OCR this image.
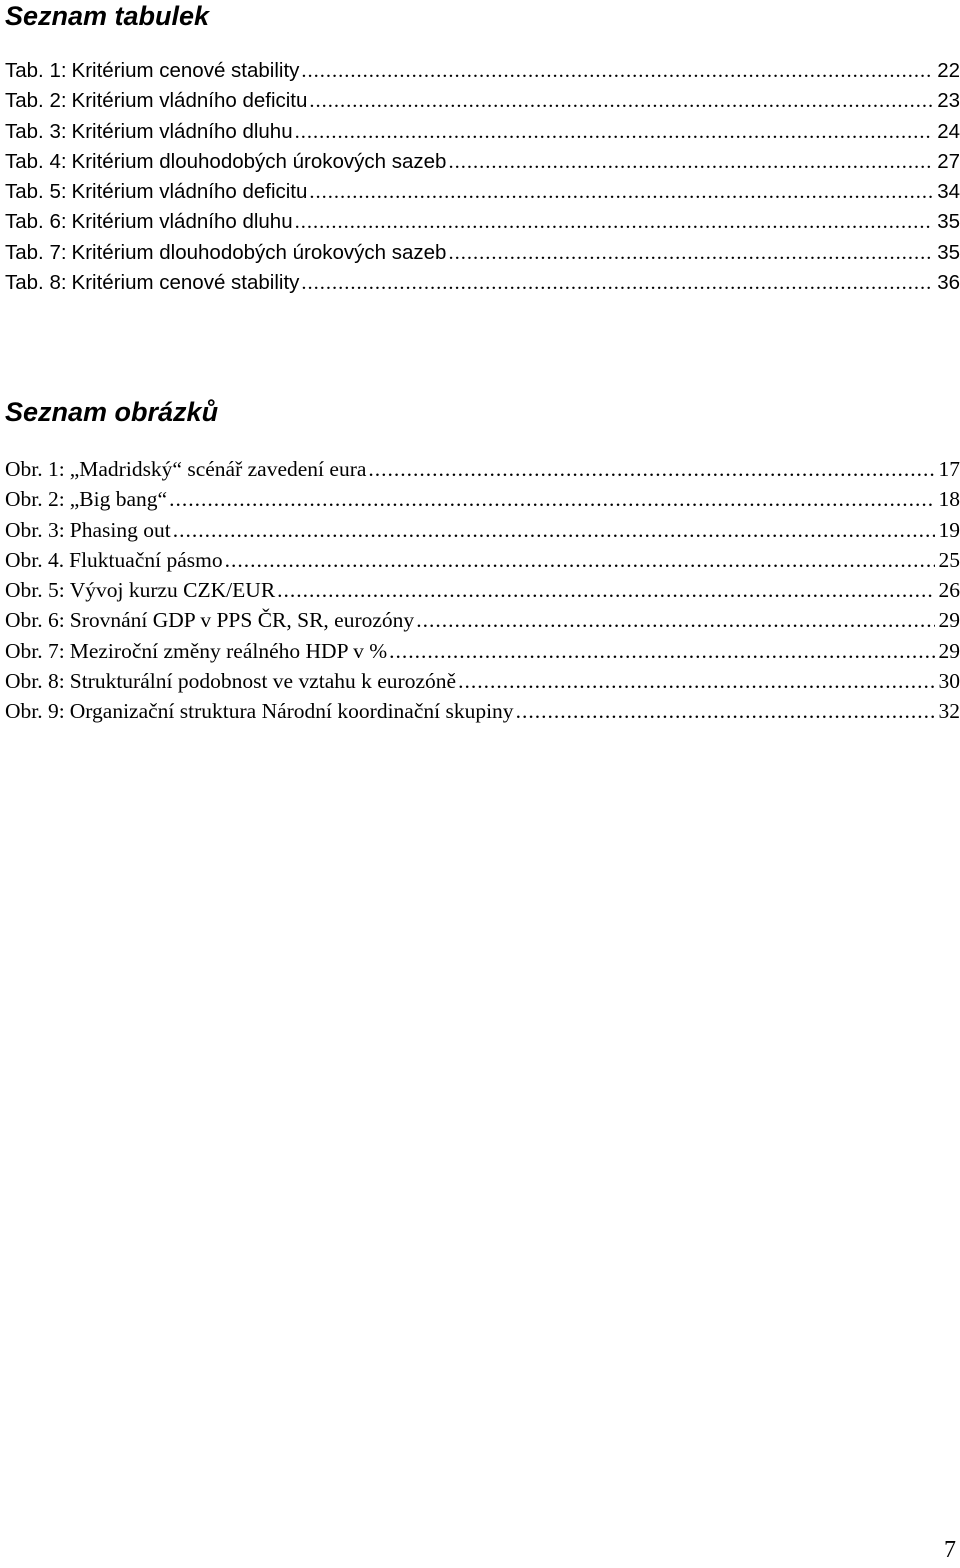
Seznam tabulek
Tab. 1: Kritérium cenové stability .....	22
Tab. 2: Kritérium vládního deficitu .....	23
Tab. 3: Kritérium vládního dluhu .....	24
Tab. 4: Kritérium dlouhodobých úrokových sazeb .....	27
Tab. 5: Kritérium vládního deficitu .....	34
Tab. 6: Kritérium vládního dluhu .....	35
Tab. 7: Kritérium dlouhodobých úrokových sazeb .....	35
Tab. 8: Kritérium cenové stability .....	36
Seznam obrázků
Obr. 1: „Madridský“ scénář zavedení eura .....	17
Obr. 2: „Big bang“ .....	18
Obr. 3: Phasing out .....	19
Obr. 4. Fluktuační pásmo .....	25
Obr. 5: Vývoj kurzu CZK/EUR .....	26
Obr. 6: Srovnání GDP v PPS ČR, SR, eurozóny .....	29
Obr. 7: Meziroční změny reálného HDP v % .....	29
Obr. 8: Strukturální podobnost ve vztahu k eurozóně .....	30
Obr. 9: Organizační struktura Národní koordinační skupiny .....	32

7
